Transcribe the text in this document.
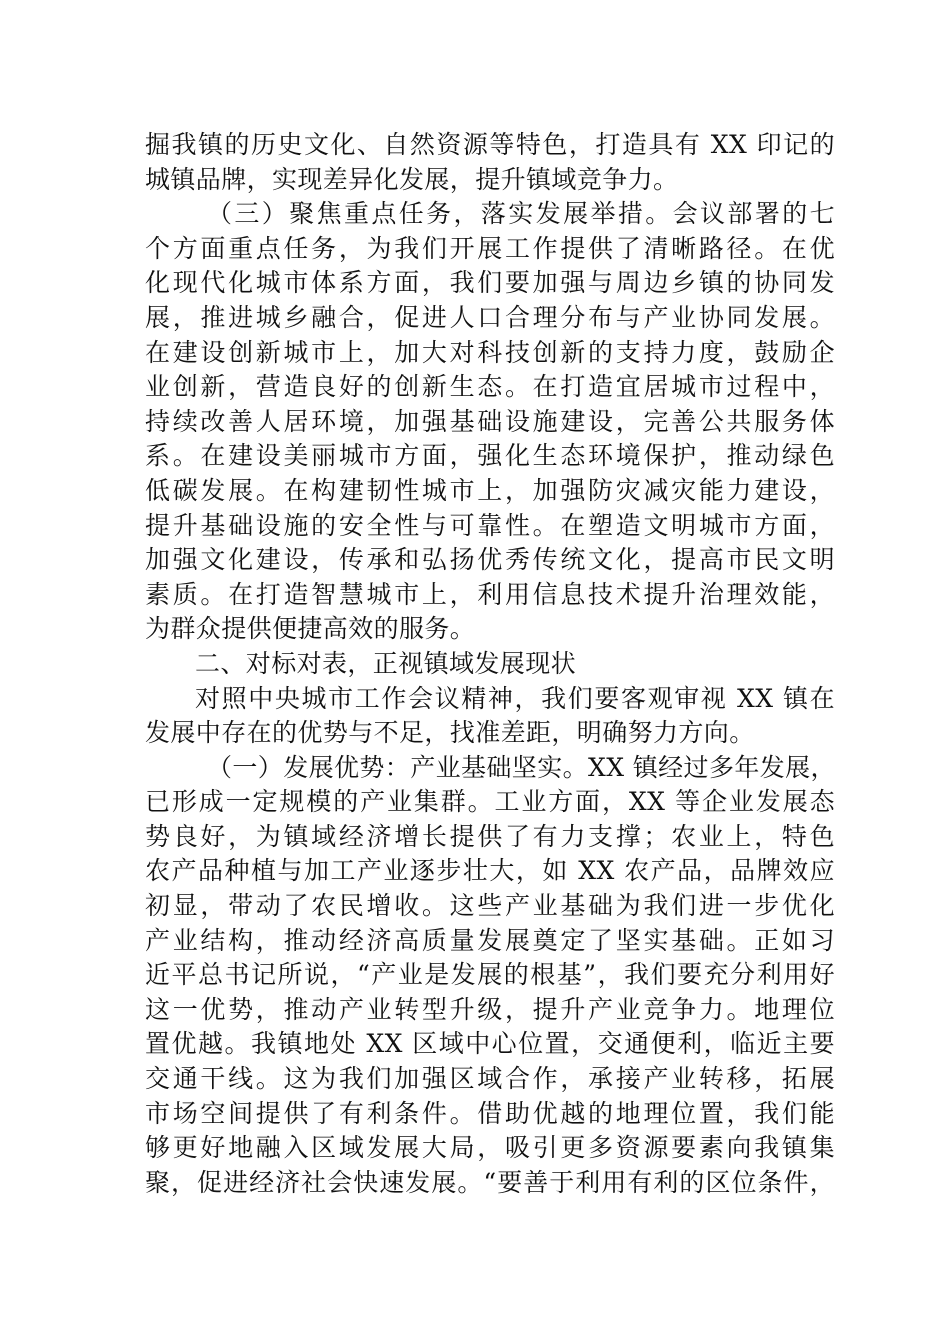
掘我镇的历史文化、自然资源等特色，打造具有 XX 印记的
城镇品牌，实现差异化发展，提升镇域竞争力。
（三）聚焦重点任务，落实发展举措。会议部署的七
个方面重点任务，为我们开展工作提供了清晰路径。在优
化现代化城市体系方面，我们要加强与周边乡镇的协同发
展，推进城乡融合，促进人口合理分布与产业协同发展。
在建设创新城市上，加大对科技创新的支持力度，鼓励企
业创新，营造良好的创新生态。在打造宜居城市过程中，
持续改善人居环境，加强基础设施建设，完善公共服务体
系。在建设美丽城市方面，强化生态环境保护，推动绿色
低碳发展。在构建韧性城市上，加强防灾减灾能力建设，
提升基础设施的安全性与可靠性。在塑造文明城市方面，
加强文化建设，传承和弘扬优秀传统文化，提高市民文明
素质。在打造智慧城市上，利用信息技术提升治理效能，
为群众提供便捷高效的服务。
二、对标对表，正视镇域发展现状
对照中央城市工作会议精神，我们要客观审视 XX 镇在
发展中存在的优势与不足，找准差距，明确努力方向。
（一）发展优势：产业基础坚实。XX 镇经过多年发展，
已形成一定规模的产业集群。工业方面，XX 等企业发展态
势良好，为镇域经济增长提供了有力支撑；农业上，特色
农产品种植与加工产业逐步壮大，如 XX 农产品，品牌效应
初显，带动了农民增收。这些产业基础为我们进一步优化
产业结构，推动经济高质量发展奠定了坚实基础。正如习
近平总书记所说，“产业是发展的根基”，我们要充分利用好
这一优势，推动产业转型升级，提升产业竞争力。地理位
置优越。我镇地处 XX 区域中心位置，交通便利，临近主要
交通干线。这为我们加强区域合作，承接产业转移，拓展
市场空间提供了有利条件。借助优越的地理位置，我们能
够更好地融入区域发展大局，吸引更多资源要素向我镇集
聚，促进经济社会快速发展。“要善于利用有利的区位条件，
